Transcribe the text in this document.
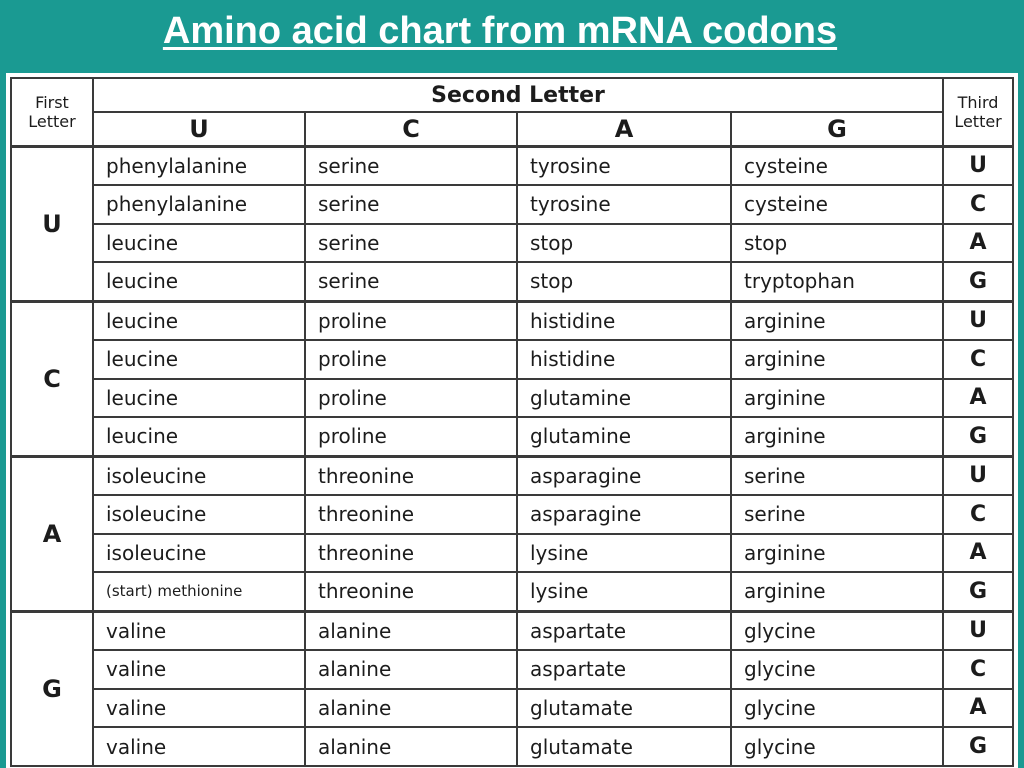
Amino acid chart from mRNA codons
First Letter	Second Letter				Third Letter
	U	C	A	G	
U	phenylalanine	serine	tyrosine	cysteine	U
	phenylalanine	serine	tyrosine	cysteine	C
	leucine	serine	stop	stop	A
	leucine	serine	stop	tryptophan	G
C	leucine	proline	histidine	arginine	U
	leucine	proline	histidine	arginine	C
	leucine	proline	glutamine	arginine	A
	leucine	proline	glutamine	arginine	G
A	isoleucine	threonine	asparagine	serine	U
	isoleucine	threonine	asparagine	serine	C
	isoleucine	threonine	lysine	arginine	A
	(start) methionine	threonine	lysine	arginine	G
G	valine	alanine	aspartate	glycine	U
	valine	alanine	aspartate	glycine	C
	valine	alanine	glutamate	glycine	A
	valine	alanine	glutamate	glycine	G
